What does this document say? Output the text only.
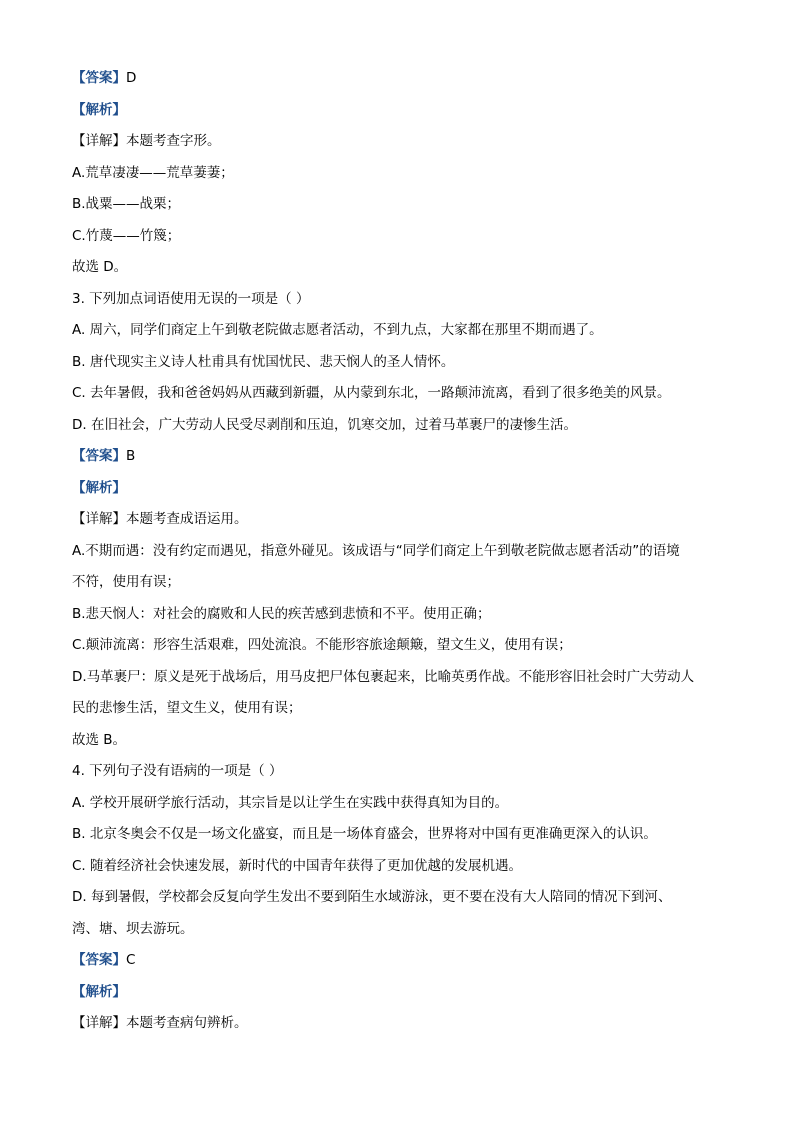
【答案】D
【解析】
【详解】本题考查字形。
A.荒草凄凄——荒草萋萋；
B.战粟——战栗；
C.竹蔑——竹篾；
故选 D。
3. 下列加点词语使用无误的一项是（ ）
A. 周六，同学们商定上午到敬老院做志愿者活动，不到九点，大家都在那里不期而遇了。
B. 唐代现实主义诗人杜甫具有忧国忧民、悲天悯人的圣人情怀。
C. 去年暑假，我和爸爸妈妈从西藏到新疆，从内蒙到东北，一路颠沛流离，看到了很多绝美的风景。
D. 在旧社会，广大劳动人民受尽剥削和压迫，饥寒交加，过着马革裹尸的凄惨生活。
【答案】B
【解析】
【详解】本题考查成语运用。
A.不期而遇：没有约定而遇见，指意外碰见。该成语与“同学们商定上午到敬老院做志愿者活动”的语境
不符，使用有误；
B.悲天悯人：对社会的腐败和人民的疾苦感到悲愤和不平。使用正确；
C.颠沛流离：形容生活艰难，四处流浪。不能形容旅途颠簸，望文生义，使用有误；
D.马革裹尸：原义是死于战场后，用马皮把尸体包裹起来，比喻英勇作战。不能形容旧社会时广大劳动人
民的悲惨生活，望文生义，使用有误；
故选 B。
4. 下列句子没有语病的一项是（ ）
A. 学校开展研学旅行活动，其宗旨是以让学生在实践中获得真知为目的。
B. 北京冬奥会不仅是一场文化盛宴，而且是一场体育盛会，世界将对中国有更准确更深入的认识。
C. 随着经济社会快速发展，新时代的中国青年获得了更加优越的发展机遇。
D. 每到暑假，学校都会反复向学生发出不要到陌生水域游泳，更不要在没有大人陪同的情况下到河、
湾、塘、坝去游玩。
【答案】C
【解析】
【详解】本题考查病句辨析。
